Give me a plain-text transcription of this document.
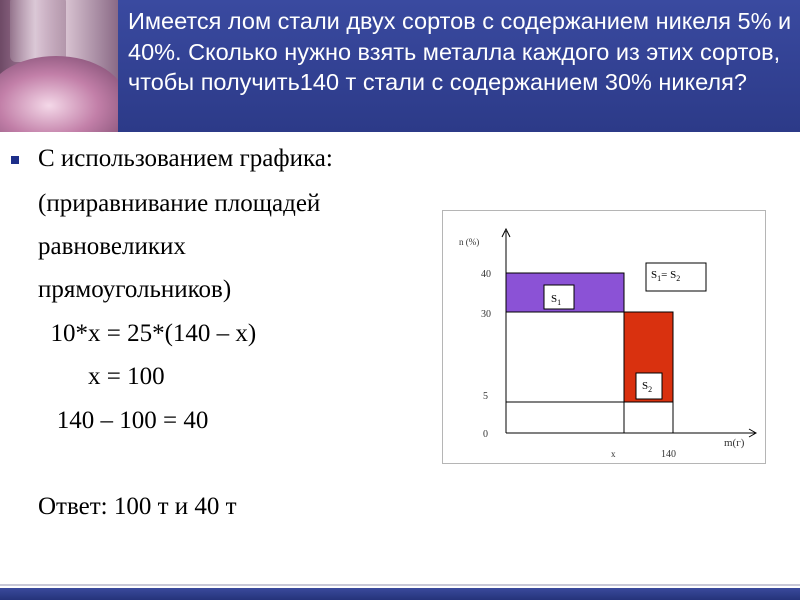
Имеется лом стали двух сортов с содержанием никеля 5% и 40%. Сколько нужно взять металла каждого из этих сортов, чтобы получить140 т стали с содержанием 30% никеля?
С использованием графика:
(приравнивание площадей
равновеликих
прямоугольников)
10*x = 25*(140 – x)
x = 100
140 – 100 = 40
Ответ: 100 т и 40 т
$S_1$
$S_2$
$S_1= S_2$
n (%)
m(г)
40
30
5
0
x	140
